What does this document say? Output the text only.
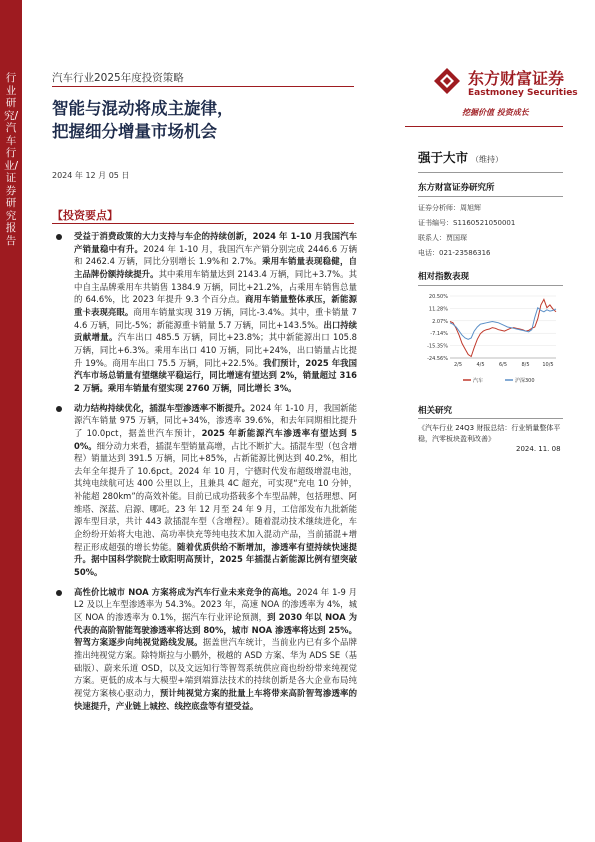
行业研究/汽车行业/证券研究报告
汽车行业2025年度投资策略
智能与混动将成主旋律，
把握细分增量市场机会
2024 年 12 月 05 日
【投资要点】
受益于消费政策的大力支持与车企的持续创新，2024 年 1-10 月我国汽车产销量稳中有升。2024 年 1-10 月，我国汽车产销分别完成 2446.6 万辆和 2462.4 万辆，同比分别增长 1.9%和 2.7%。乘用车销量表现稳健，自主品牌份额持续提升。其中乘用车销量达到 2143.4 万辆，同比+3.7%。其中自主品牌乘用车共销售 1384.9 万辆，同比+21.2%，占乘用车销售总量的 64.6%，比 2023 年提升 9.3 个百分点。商用车销量整体承压，新能源重卡表现亮眼。商用车销量实现 319 万辆，同比-3.4%。其中，重卡销量 74.6 万辆，同比-5%；新能源重卡销量 5.7 万辆，同比+143.5%。出口持续贡献增量。汽车出口 485.5 万辆，同比+23.8%；其中新能源出口 105.8 万辆，同比+6.3%。乘用车出口 410 万辆，同比+24%，出口销量占比提升 19%。商用车出口 75.5 万辆，同比+22.5%。我们预计，2025 年我国汽车市场总销量有望继续平稳运行，同比增速有望达到 2%，销量超过 3162 万辆。乘用车销量有望实现 2760 万辆，同比增长 3%。
动力结构持续优化，插混车型渗透率不断提升。2024 年 1-10 月，我国新能源汽车销量 975 万辆，同比+34%，渗透率 39.6%，和去年同期相比提升了 10.0pct，据盖世汽车预计，2025 年新能源汽车渗透率有望达到 50%。细分动力来看，插混车型销量高增，占比不断扩大。插混车型（包含增程）销量达到 391.5 万辆，同比+85%，占新能源比例达到 40.2%，相比去年全年提升了 10.6pct。2024 年 10 月，宁德时代发布超级增混电池，其纯电续航可达 400 公里以上，且兼具 4C 超充，可实现“充电 10 分钟，补能超 280km”的高效补能。目前已成功搭载多个车型品牌，包括理想、阿维塔、深蓝、启源、哪吒。23 年 12 月至 24 年 9 月，工信部发布九批新能源车型目录，共计 443 款插混车型（含增程）。随着混动技术继续进化，车企纷纷开始将大电池、高功率快充等纯电技术加入混动产品，当前插混+增程正形成超强的增长势能。随着优质供给不断增加，渗透率有望持续快速提升。据中国科学院院士欧阳明高预计，2025 年插混占新能源比例有望突破 50%。
高性价比城市 NOA 方案将成为汽车行业未来竞争的高地。2024 年 1-9 月 L2 及以上车型渗透率为 54.3%。2023 年，高速 NOA 的渗透率为 4%，城区 NOA 的渗透率为 0.1%，据汽车行业评论预测，到 2030 年以 NOA 为代表的高阶智能驾驶渗透率将达到 80%，城市 NOA 渗透率将达到 25%。智驾方案逐步向纯视觉路线发展。据盖世汽车统计，当前业内已有多个品牌推出纯视觉方案。除特斯拉与小鹏外，极越的 ASD 方案、华为 ADS SE（基础版）、蔚来乐道 OSD，以及文远知行等智驾系统供应商也纷纷带来纯视觉方案。更低的成本与大模型+端到端算法技术的持续创新是各大企业布局纯视觉方案核心驱动力，预计纯视觉方案的批量上车将带来高阶智驾渗透率的快速提升，产业链上城控、线控底盘等有望受益。
东方财富证券
Eastmoney Securities
挖掘价值 投资成长
强于大市 （维持）
东方财富证券研究所
证券分析师：周旭辉
证书编号：S1160521050001
联系人：贾国琛
电话：021-23586316
相对指数表现
20.50%
11.28%
2.07%
-7.14%
-15.35%
-24.56%
2/5	4/5	6/5	8/5	10/5
汽车	沪深300
相关研究
《汽车行业 24Q3 财报总结：行业销量整体平稳，汽零板块盈利改善》
2024. 11. 08
